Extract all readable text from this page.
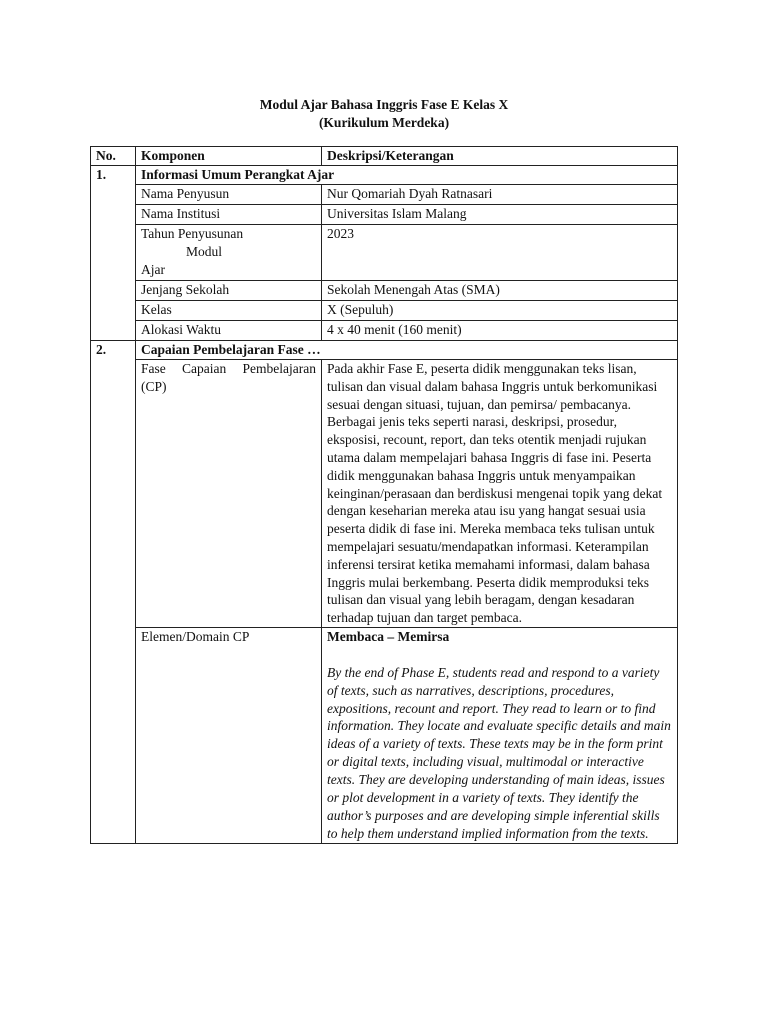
Modul Ajar Bahasa Inggris Fase E Kelas X
(Kurikulum Merdeka)
No.	Komponen	Deskripsi/Keterangan
1.	Informasi Umum Perangkat Ajar	
	Nama Penyusun	Nur Qomariah Dyah Ratnasari
	Nama Institusi	Universitas Islam Malang

	Tahun Penyusunan
Modul
Ajar	2023
	Jenjang Sekolah	Sekolah Menengah Atas (SMA)
	Kelas	X (Sepuluh)
	Alokasi Waktu	4 x 40 menit (160 menit)
2.	Capaian Pembelajaran Fase …	
	Fase Capaian Pembelajaran (CP)	Pada akhir Fase E, peserta didik menggunakan teks lisan, tulisan dan visual dalam bahasa Inggris untuk berkomunikasi sesuai dengan situasi, tujuan, dan pemirsa/ pembacanya. Berbagai jenis teks seperti narasi, deskripsi, prosedur, eksposisi, recount, report, dan teks otentik menjadi rujukan utama dalam mempelajari bahasa Inggris di fase ini. Peserta didik menggunakan bahasa Inggris untuk menyampaikan keinginan/perasaan dan berdiskusi mengenai topik yang dekat dengan keseharian mereka atau isu yang hangat sesuai usia peserta didik di fase ini. Mereka membaca teks tulisan untuk mempelajari sesuatu/mendapatkan informasi. Keterampilan inferensi tersirat ketika memahami informasi, dalam bahasa Inggris mulai berkembang. Peserta didik memproduksi teks tulisan dan visual yang lebih beragam, dengan kesadaran terhadap tujuan dan target pembaca.
	Elemen/Domain CP	Membaca – Memirsa
By the end of Phase E, students read and respond to a variety of texts, such as narratives, descriptions, procedures, expositions, recount and report. They read to learn or to find information. They locate and evaluate specific details and main ideas of a variety of texts. These texts may be in the form print or digital texts, including visual, multimodal or interactive texts. They are developing understanding of main ideas, issues or plot development in a variety of texts. They identify the author’s purposes and are developing simple inferential skills to help them understand implied information from the texts.
